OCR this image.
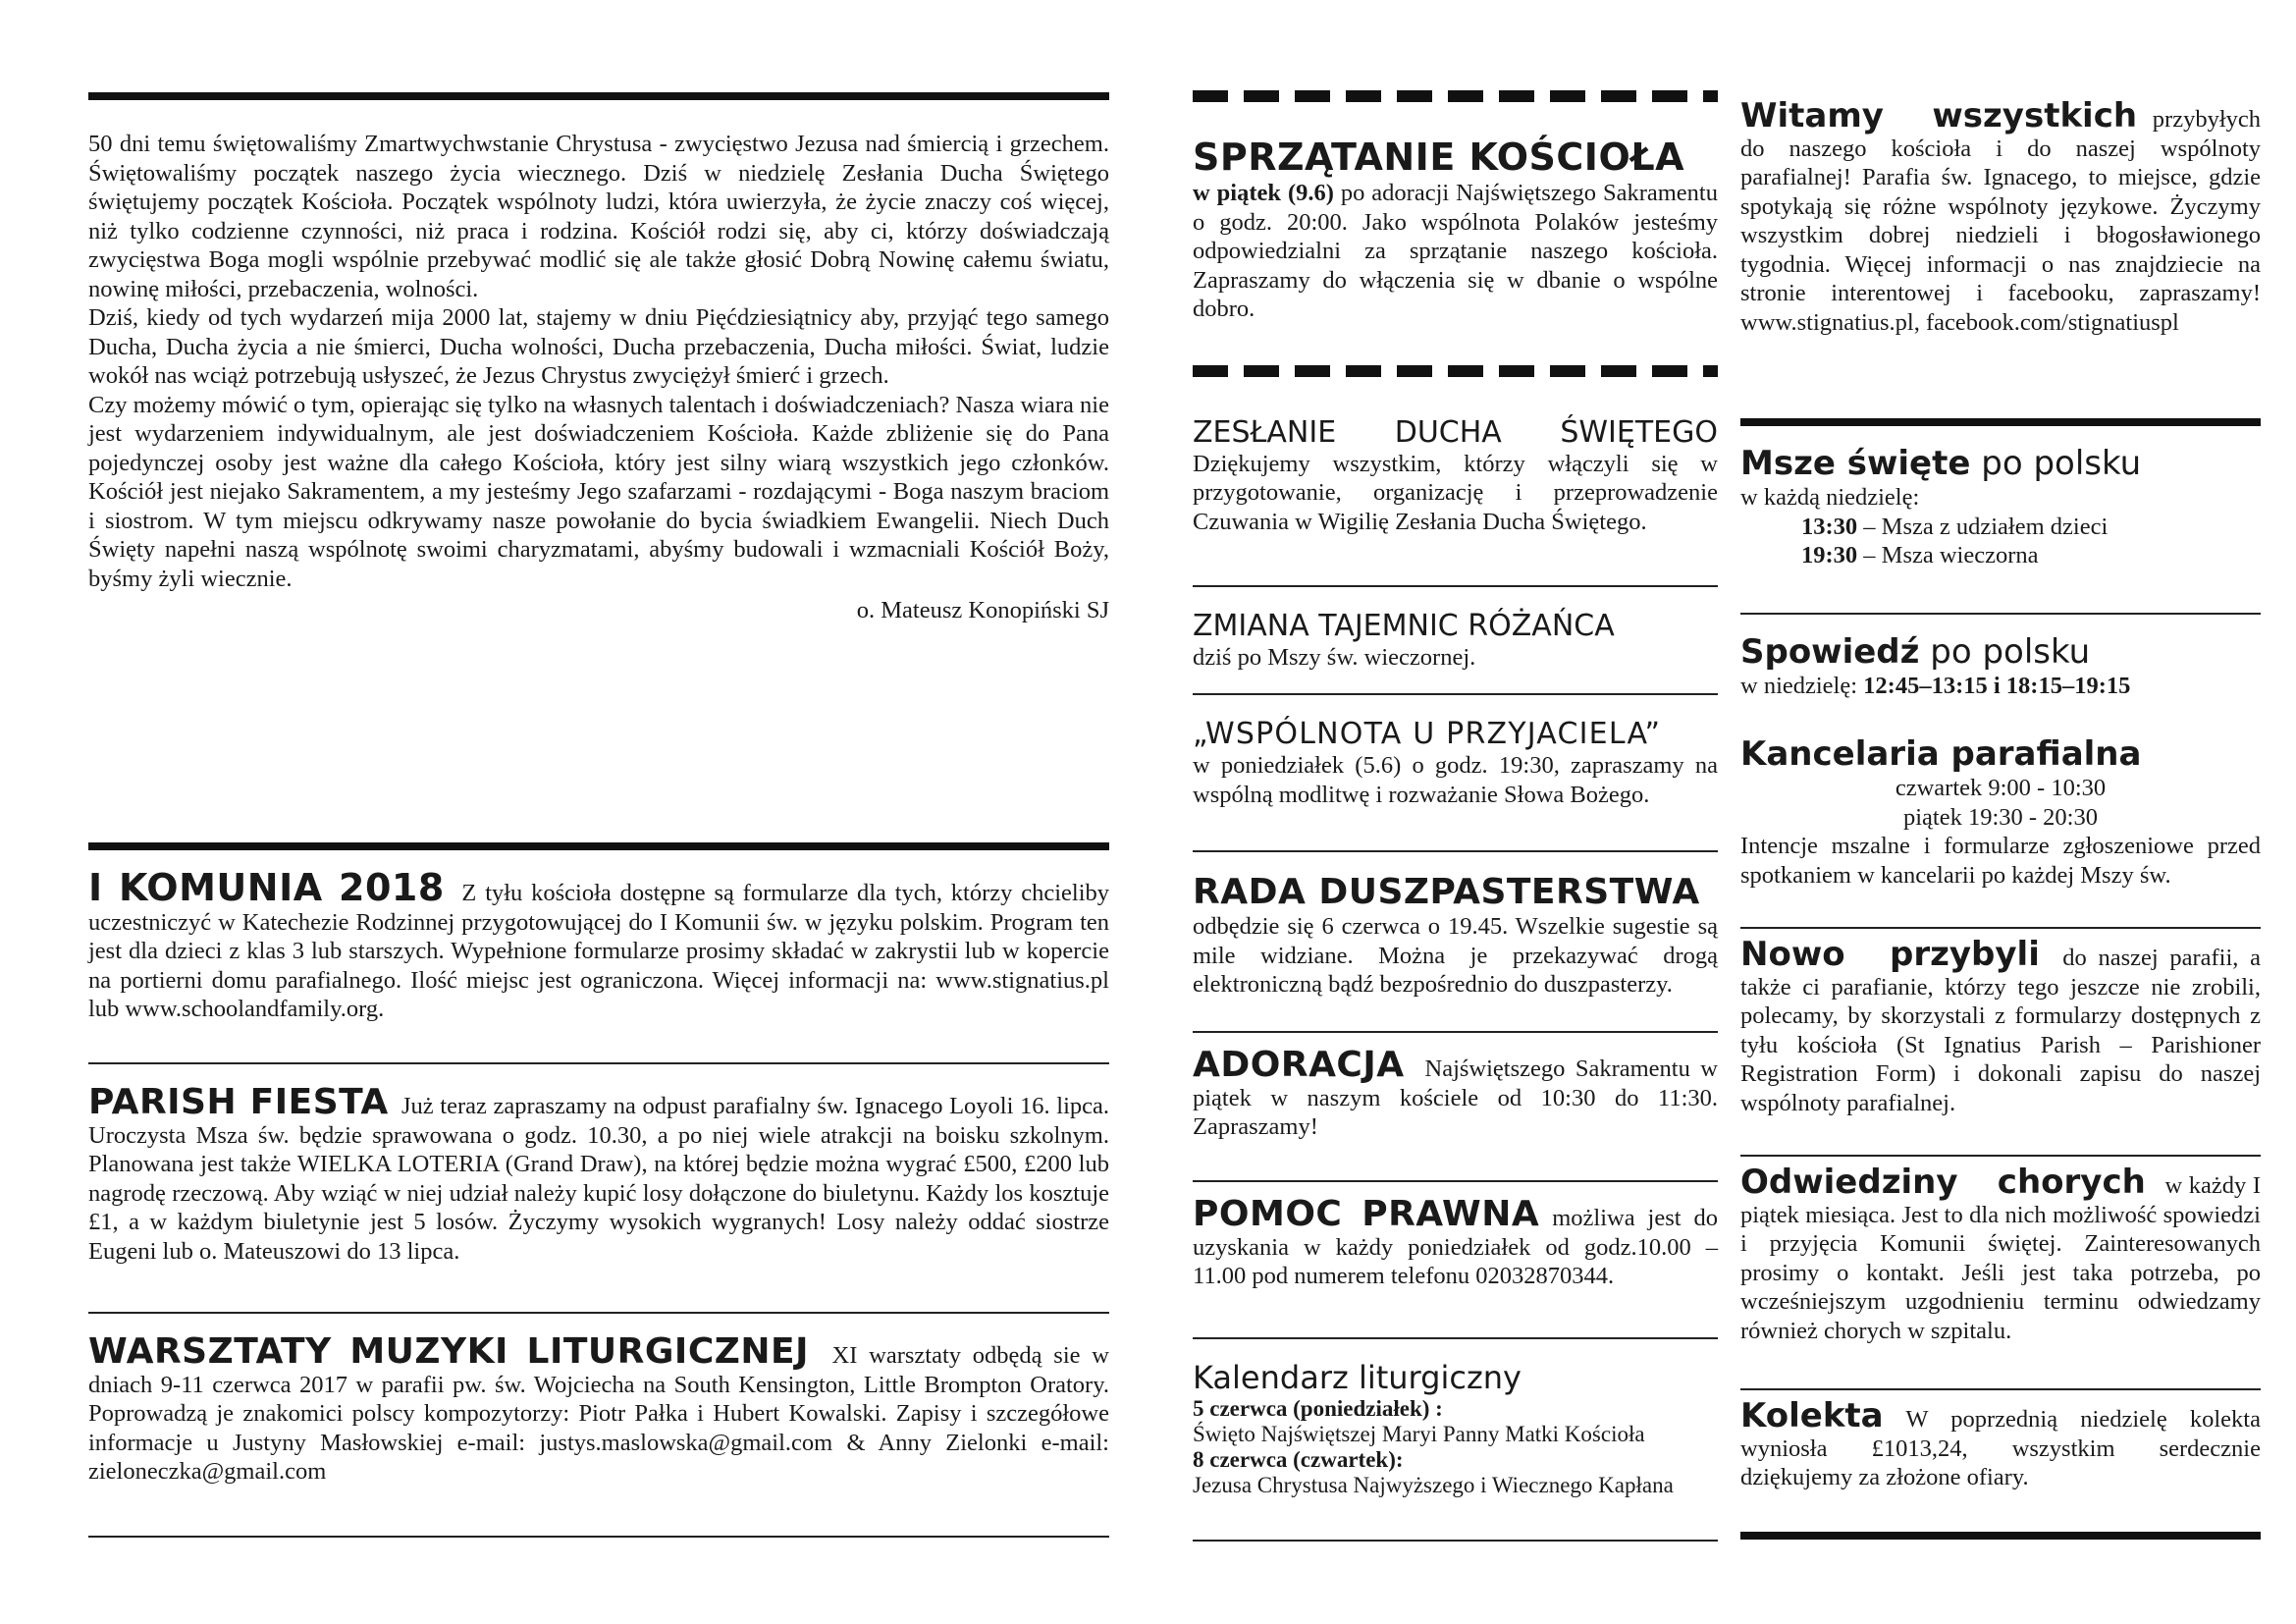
50 dni temu świętowaliśmy Zmartwychwstanie Chrystusa - zwycięstwo Jezusa nad śmiercią i grzechem. Świętowaliśmy początek naszego życia wiecznego. Dziś w niedzielę Zesłania Ducha Świętego świętujemy początek Kościoła. Początek wspólnoty ludzi, która uwierzyła, że życie znaczy coś więcej, niż tylko codzienne czynności, niż praca i rodzina. Kościół rodzi się, aby ci, którzy doświadczają zwycięstwa Boga mogli wspólnie przebywać modlić się ale także głosić Dobrą Nowinę całemu światu, nowinę miłości, przebaczenia, wolności.

Dziś, kiedy od tych wydarzeń mija 2000 lat, stajemy w dniu Pięćdziesiątnicy aby, przyjąć tego samego Ducha, Ducha życia a nie śmierci, Ducha wolności, Ducha przebaczenia, Ducha miłości. Świat, ludzie wokół nas wciąż potrzebują usłyszeć, że Jezus Chrystus zwyciężył śmierć i grzech.

Czy możemy mówić o tym, opierając się tylko na własnych talentach i doświadczeniach? Nasza wiara nie jest wydarzeniem indywidualnym, ale jest doświadczeniem Kościoła. Każde zbliżenie się do Pana pojedynczej osoby jest ważne dla całego Kościoła, który jest silny wiarą wszystkich jego członków. Kościół jest niejako Sakramentem, a my jesteśmy Jego szafarzami - rozdającymi - Boga naszym braciom i siostrom. W tym miejscu odkrywamy nasze powołanie do bycia świadkiem Ewangelii. Niech Duch Święty napełni naszą wspólnotę swoimi charyzmatami, abyśmy budowali i wzmacniali Kościół Boży, byśmy żyli wiecznie.

o. Mateusz Konopiński SJ

I KOMUNIA 2018 Z tyłu kościoła dostępne są formularze dla tych, którzy chcieliby uczestniczyć w Katechezie Rodzinnej przygotowującej do I Komunii św. w języku polskim. Program ten jest dla dzieci z klas 3 lub starszych. Wypełnione formularze prosimy składać w zakrystii lub w kopercie na portierni domu parafialnego. Ilość miejsc jest ograniczona. Więcej informacji na: www.stignatius.pl lub www.schoolandfamily.org.

PARISH FIESTA Już teraz zapraszamy na odpust parafialny św. Ignacego Loyoli 16. lipca. Uroczysta Msza św. będzie sprawowana o godz. 10.30, a po niej wiele atrakcji na boisku szkolnym. Planowana jest także WIELKA LOTERIA (Grand Draw), na której będzie można wygrać £500, £200 lub nagrodę rzeczową. Aby wziąć w niej udział należy kupić losy dołączone do biuletynu. Każdy los kosztuje £1, a w każdym biuletynie jest 5 losów. Życzymy wysokich wygranych! Losy należy oddać siostrze Eugeni lub o. Mateuszowi do 13 lipca.

WARSZTATY MUZYKI LITURGICZNEJ XI warsztaty odbędą sie w dniach 9-11 czerwca 2017 w parafii pw. św. Wojciecha na South Kensington, Little Brompton Oratory. Poprowadzą je znakomici polscy kompozytorzy: Piotr Pałka i Hubert Kowalski. Zapisy i szczegółowe informacje u Justyny Masłowskiej e-mail: justys.maslowska@gmail.com & Anny Zielonki e-mail: zieloneczka@gmail.com

SPRZĄTANIE KOŚCIOŁA

w piątek (9.6) po adoracji Najświętszego Sakramentu o godz. 20:00. Jako wspólnota Polaków jesteśmy odpowiedzialni za sprzątanie naszego kościoła. Zapraszamy do włączenia się w dbanie o wspólne dobro.

ZESŁANIE DUCHA ŚWIĘTEGO Dziękujemy wszystkim, którzy włączyli się w przygotowanie, organizację i przeprowadzenie Czuwania w Wigilię Zesłania Ducha Świętego.

ZMIANA TAJEMNIC RÓŻAŃCA

dziś po Mszy św. wieczornej.

„WSPÓLNOTA U PRZYJACIELA”

w poniedziałek (5.6) o godz. 19:30, zapraszamy na wspólną modlitwę i rozważanie Słowa Bożego.

RADA DUSZPASTERSTWA

odbędzie się 6 czerwca o 19.45. Wszelkie sugestie są mile widziane. Można je przekazywać drogą elektroniczną bądź bezpośrednio do duszpasterzy.

ADORACJA Najświętszego Sakramentu w piątek w naszym kościele od 10:30 do 11:30. Zapraszamy!

POMOC PRAWNA możliwa jest do uzyskania w każdy poniedziałek od godz.10.00 – 11.00 pod numerem telefonu 02032870344.

Kalendarz liturgiczny
5 czerwca (poniedziałek) :
Święto Najświętszej Maryi Panny Matki Kościoła
8 czerwca (czwartek):
Jezusa Chrystusa Najwyższego i Wiecznego Kapłana

Witamy wszystkich przybyłych do naszego kościoła i do naszej wspólnoty parafialnej! Parafia św. Ignacego, to miejsce, gdzie spotykają się różne wspólnoty językowe. Życzymy wszystkim dobrej niedzieli i błogosławionego tygodnia. Więcej informacji o nas znajdziecie na stronie interentowej i facebooku, zapraszamy! www.stignatius.pl, facebook.com/stignatiuspl

Msze święte po polsku
w każdą niedzielę:
13:30 – Msza z udziałem dzieci
19:30 – Msza wieczorna
Spowiedź po polsku
w niedzielę: 12:45–13:15 i 18:15–19:15
Kancelaria parafialna
czwartek 9:00 - 10:30
piątek 19:30 - 20:30

Intencje mszalne i formularze zgłoszeniowe przed spotkaniem w kancelarii po każdej Mszy św.

Nowo przybyli do naszej parafii, a także ci parafianie, którzy tego jeszcze nie zrobili, polecamy, by skorzystali z formularzy dostępnych z tyłu kościoła (St Ignatius Parish – Parishioner Registration Form) i dokonali zapisu do naszej wspólnoty parafialnej.

Odwiedziny chorych w każdy I piątek miesiąca. Jest to dla nich możliwość spowiedzi i przyjęcia Komunii świętej. Zainteresowanych prosimy o kontakt. Jeśli jest taka potrzeba, po wcześniejszym uzgodnieniu terminu odwiedzamy również chorych w szpitalu.

Kolekta W poprzednią niedzielę kolekta wyniosła £1013,24, wszystkim serdecznie dziękujemy za złożone ofiary.
